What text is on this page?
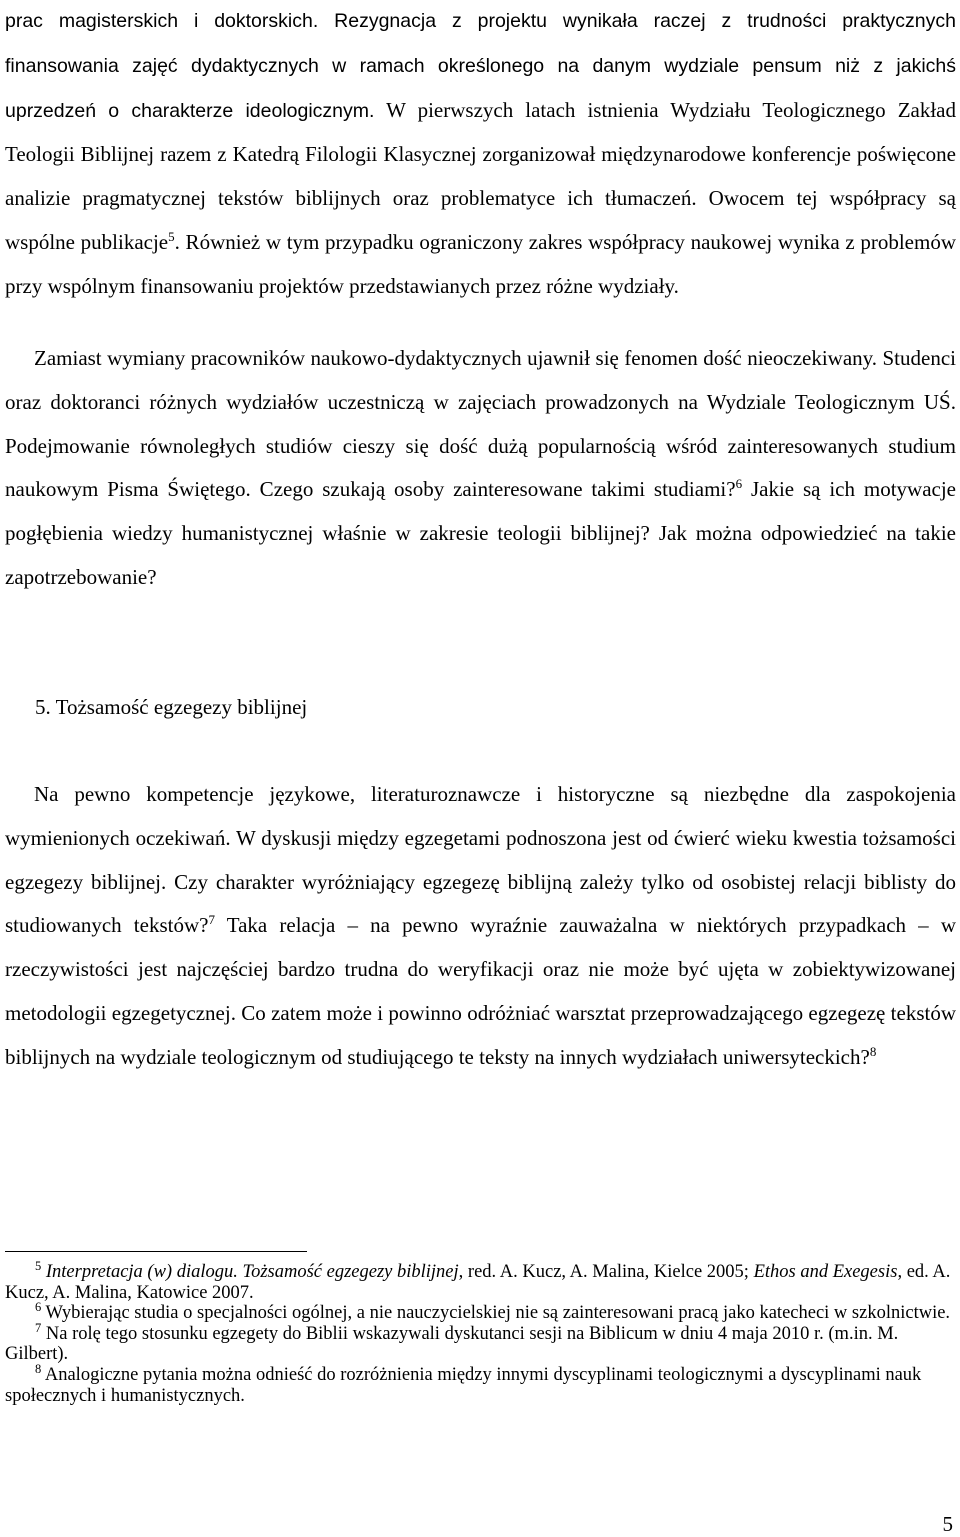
prac magisterskich i doktorskich. Rezygnacja z projektu wynikała raczej z trudności praktycznych finansowania zajęć dydaktycznych w ramach określonego na danym wydziale pensum niż z jakichś uprzedzeń o charakterze ideologicznym. W pierwszych latach istnienia Wydziału Teologicznego Zakład Teologii Biblijnej razem z Katedrą Filologii Klasycznej zorganizował międzynarodowe konferencje poświęcone analizie pragmatycznej tekstów biblijnych oraz problematyce ich tłumaczeń. Owocem tej współpracy są wspólne publikacje$^5$. Również w tym przypadku ograniczony zakres współpracy naukowej wynika z problemów przy wspólnym finansowaniu projektów przedstawianych przez różne wydziały.

Zamiast wymiany pracowników naukowo-dydaktycznych ujawnił się fenomen dość nieoczekiwany. Studenci oraz doktoranci różnych wydziałów uczestniczą w zajęciach prowadzonych na Wydziale Teologicznym UŚ. Podejmowanie równoległych studiów cieszy się dość dużą popularnością wśród zainteresowanych studium naukowym Pisma Świętego. Czego szukają osoby zainteresowane takimi studiami?$^6$ Jakie są ich motywacje pogłębienia wiedzy humanistycznej właśnie w zakresie teologii biblijnej? Jak można odpowiedzieć na takie zapotrzebowanie?

5. Tożsamość egzegezy biblijnej

Na pewno kompetencje językowe, literaturoznawcze i historyczne są niezbędne dla zaspokojenia wymienionych oczekiwań. W dyskusji między egzegetami podnoszona jest od ćwierć wieku kwestia tożsamości egzegezy biblijnej. Czy charakter wyróżniający egzegezę biblijną zależy tylko od osobistej relacji biblisty do studiowanych tekstów?$^7$ Taka relacja – na pewno wyraźnie zauważalna w niektórych przypadkach – w rzeczywistości jest najczęściej bardzo trudna do weryfikacji oraz nie może być ujęta w zobiektywizowanej metodologii egzegetycznej. Co zatem może i powinno odróżniać warsztat przeprowadzającego egzegezę tekstów biblijnych na wydziale teologicznym od studiującego te teksty na innych wydziałach uniwersyteckich?$^8$

$^5$ Interpretacja (w) dialogu. Tożsamość egzegezy biblijnej, red. A. Kucz, A. Malina, Kielce 2005; Ethos and Exegesis, ed. A. Kucz, A. Malina, Katowice 2007.
$^6$ Wybierając studia o specjalności ogólnej, a nie nauczycielskiej nie są zainteresowani pracą jako katecheci w szkolnictwie.
$^7$ Na rolę tego stosunku egzegety do Biblii wskazywali dyskutanci sesji na Biblicum w dniu 4 maja 2010 r. (m.in. M. Gilbert).
$^8$ Analogiczne pytania można odnieść do rozróżnienia między innymi dyscyplinami teologicznymi a dyscyplinami nauk społecznych i humanistycznych.
5
